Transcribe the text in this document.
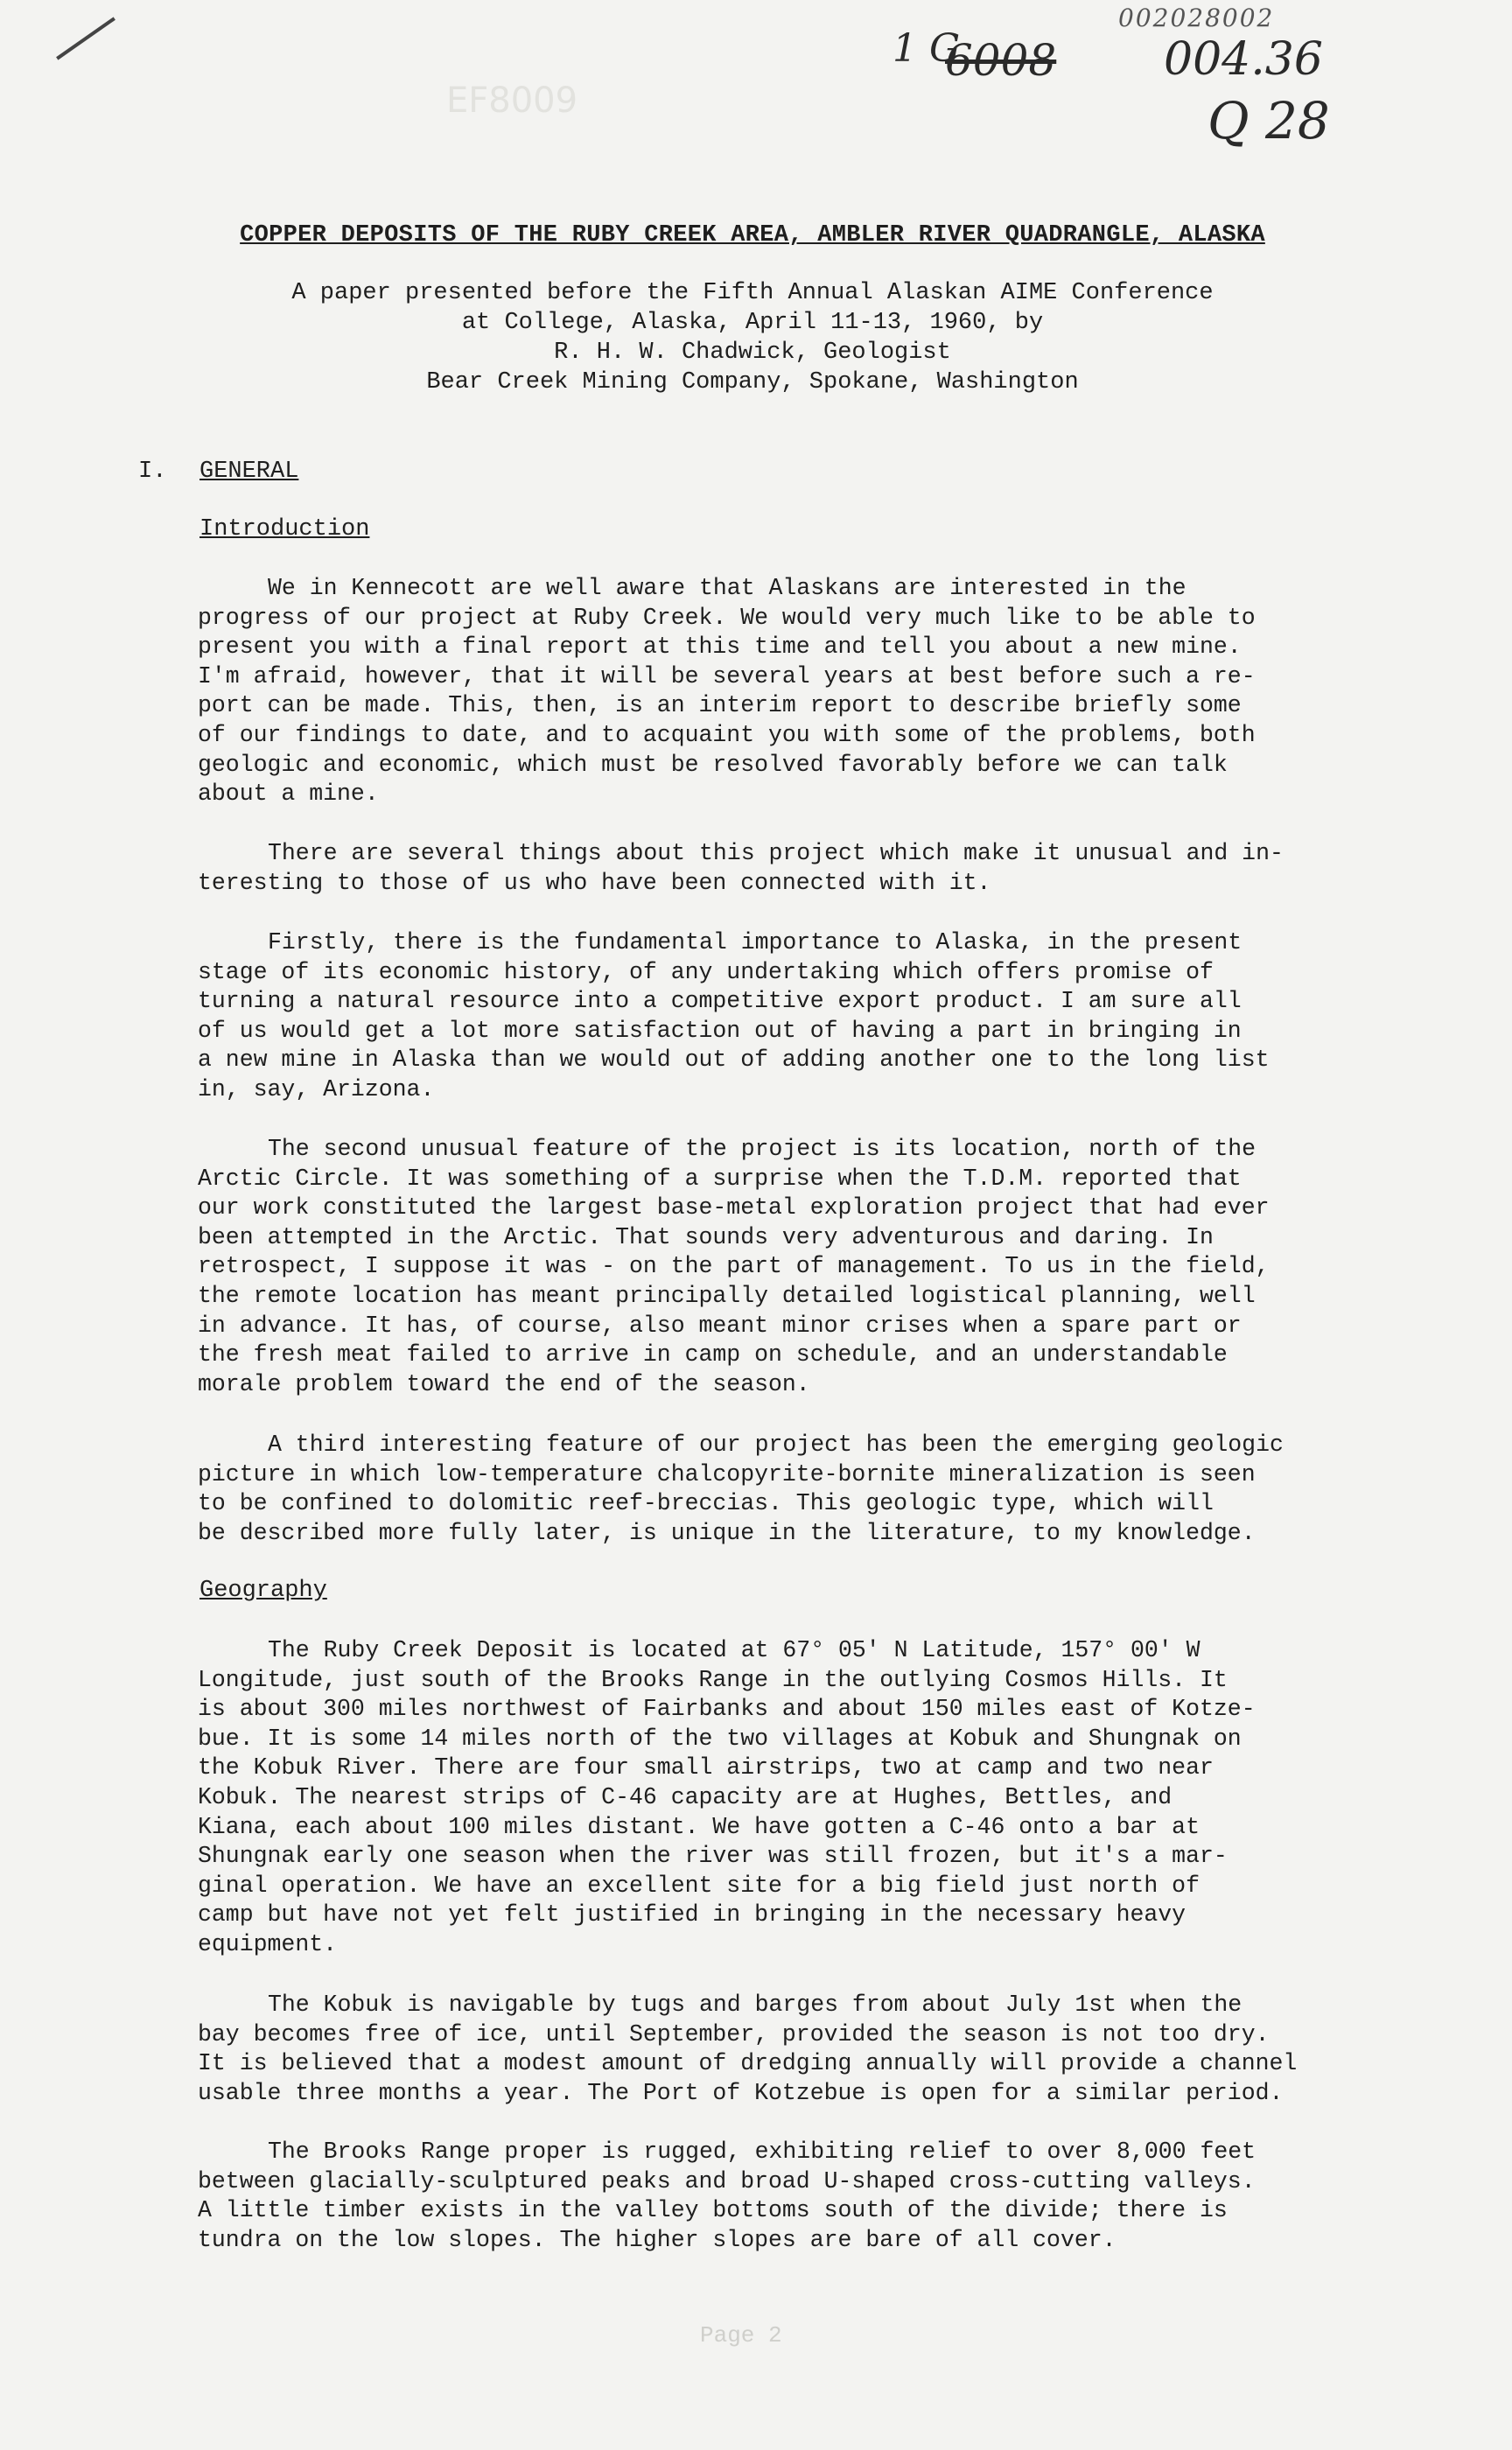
EF8009
002028002
1 G
6008 004.36
Q 28
COPPER DEPOSITS OF THE RUBY CREEK AREA, AMBLER RIVER QUADRANGLE, ALASKA
A paper presented before the Fifth Annual Alaskan AIME Conference
at College, Alaska, April 11-13, 1960, by
R. H. W. Chadwick, Geologist
Bear Creek Mining Company, Spokane, Washington
I. GENERAL
Introduction

We in Kennecott are well aware that Alaskans are interested in the
progress of our project at Ruby Creek. We would very much like to be able to
present you with a final report at this time and tell you about a new mine.
I'm afraid, however, that it will be several years at best before such a re-
port can be made. This, then, is an interim report to describe briefly some
of our findings to date, and to acquaint you with some of the problems, both
geologic and economic, which must be resolved favorably before we can talk
about a mine.

There are several things about this project which make it unusual and in-
teresting to those of us who have been connected with it.

Firstly, there is the fundamental importance to Alaska, in the present
stage of its economic history, of any undertaking which offers promise of
turning a natural resource into a competitive export product. I am sure all
of us would get a lot more satisfaction out of having a part in bringing in
a new mine in Alaska than we would out of adding another one to the long list
in, say, Arizona.

The second unusual feature of the project is its location, north of the
Arctic Circle. It was something of a surprise when the T.D.M. reported that
our work constituted the largest base-metal exploration project that had ever
been attempted in the Arctic. That sounds very adventurous and daring. In
retrospect, I suppose it was - on the part of management. To us in the field,
the remote location has meant principally detailed logistical planning, well
in advance. It has, of course, also meant minor crises when a spare part or
the fresh meat failed to arrive in camp on schedule, and an understandable
morale problem toward the end of the season.

A third interesting feature of our project has been the emerging geologic
picture in which low-temperature chalcopyrite-bornite mineralization is seen
to be confined to dolomitic reef-breccias. This geologic type, which will
be described more fully later, is unique in the literature, to my knowledge.

Geography

The Ruby Creek Deposit is located at 67° 05' N Latitude, 157° 00' W
Longitude, just south of the Brooks Range in the outlying Cosmos Hills. It
is about 300 miles northwest of Fairbanks and about 150 miles east of Kotze-
bue. It is some 14 miles north of the two villages at Kobuk and Shungnak on
the Kobuk River. There are four small airstrips, two at camp and two near
Kobuk. The nearest strips of C-46 capacity are at Hughes, Bettles, and
Kiana, each about 100 miles distant. We have gotten a C-46 onto a bar at
Shungnak early one season when the river was still frozen, but it's a mar-
ginal operation. We have an excellent site for a big field just north of
camp but have not yet felt justified in bringing in the necessary heavy
equipment.

The Kobuk is navigable by tugs and barges from about July 1st when the
bay becomes free of ice, until September, provided the season is not too dry.
It is believed that a modest amount of dredging annually will provide a channel
usable three months a year. The Port of Kotzebue is open for a similar period.

The Brooks Range proper is rugged, exhibiting relief to over 8,000 feet
between glacially-sculptured peaks and broad U-shaped cross-cutting valleys.
A little timber exists in the valley bottoms south of the divide; there is
tundra on the low slopes. The higher slopes are bare of all cover.

Page 2
